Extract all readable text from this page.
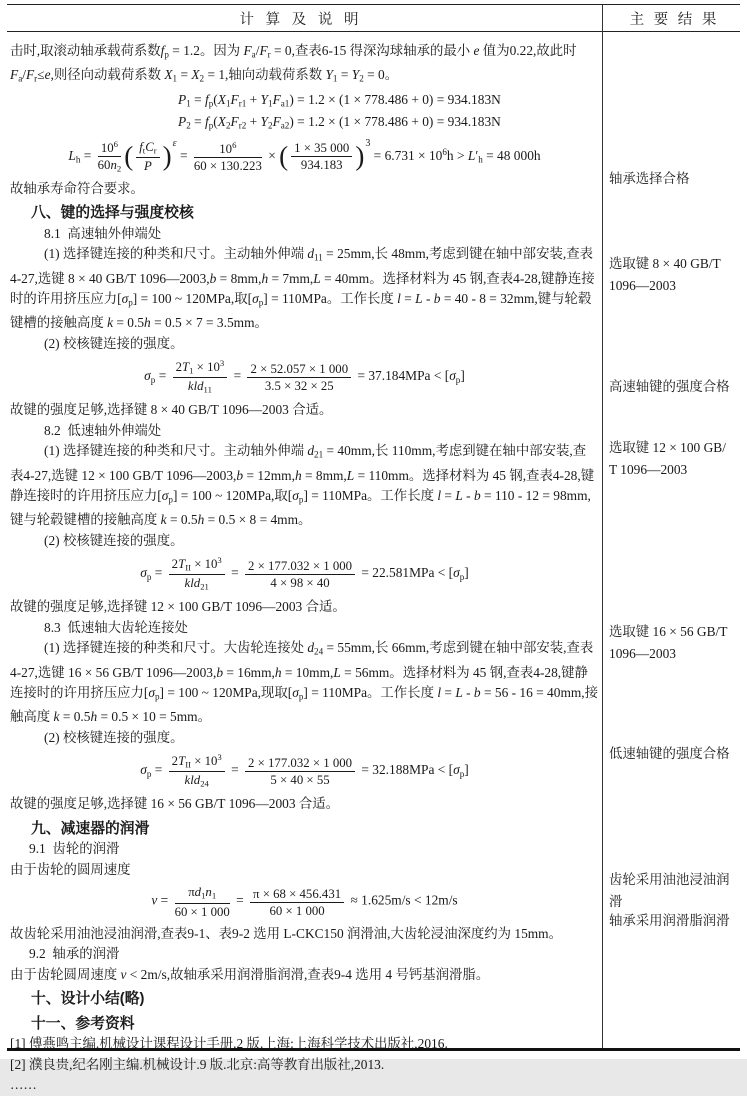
计 算 及 说 明	主 要 结 果

击时,取滚动轴承载荷系数$f_p = 1.2$。因为 $F_a/F_r = 0$,查表6-15 得深沟球轴承的最小 e 值为0.22,故此时 $F_a/F_r\le e$,则径向动载荷系数 $X_1 = X_2 = 1$,轴向动载荷系数 $Y_1 = Y_2 = 0$。

$P_1 = f_p(X_1F_{r1} + Y_1F_{a1}) = 1.2 \times (1 \times 778.486 + 0) = 934.183N$
$P_2 = f_p(X_2F_{r2} + Y_2F_{a2}) = 1.2 \times (1 \times 778.486 + 0) = 934.183N$
$L_h = \frac{10^6}{60n_2}$ ( $\frac{f_tC_r}{P} )\varepsilon = \frac{10^6}{60 \times 130.223}$ × ( $\frac{1 \times 35 000}{934.183} )3 = 6.731 \times 10^6h > L'_h = 48$ 000h

故轴承寿命符合要求。

八、键的选择与强度校核
8.1  高速轴外伸端处

(1) 选择键连接的种类和尺寸。主动轴外伸端 $d_{11} = 25mm$,长 48mm,考虑到键在轴中部安装,查表4-27,选键 8 × 40 GB/T 1096—2003,b = 8mm,h = 7mm,L = 40mm。选择材料为 45 钢,查表4-28,键静连接时的许用挤压应力$[\sigma_p] = 100$ ~ 120MPa,取$[\sigma_p] = 110MPa$。工作长度 l = L - b = 40 - 8 = 32mm,键与轮毂键槽的接触高度 k = 0.5h = 0.5 × 7 = 3.5mm。

(2) 校核键连接的强度。

$\sigma_p = \frac{2T_1 \times 10^3}{kld_{11}} = \frac{2 \times 52.057 \times 1 000}{3.5 \times 32 \times 25} = 37.184MPa < [\sigma_p]$

故键的强度足够,选择键 8 × 40 GB/T 1096—2003 合适。

8.2  低速轴外伸端处

(1) 选择键连接的种类和尺寸。主动轴外伸端 $d_{21} = 40mm$,长 110mm,考虑到键在轴中部安装,查表4-27,选键 12 × 100 GB/T 1096—2003,b = 12mm,h = 8mm,L = 110mm。选择材料为 45 钢,查表4-28,键静连接时的许用挤压应力$[\sigma_p] = 100$ ~ 120MPa,取$[\sigma_p] = 110MPa$。工作长度 l = L - b = 110 - 12 = 98mm,键与轮毂键槽的接触高度 k = 0.5h = 0.5 × 8 = 4mm。

(2) 校核键连接的强度。

$\sigma_p = \frac{2T_{II} \times 10^3}{kld_{21}} = \frac{2 \times 177.032 \times 1 000}{4 \times 98 \times 40} = 22.581MPa < [\sigma_p]$

故键的强度足够,选择键 12 × 100 GB/T 1096—2003 合适。

8.3  低速轴大齿轮连接处

(1) 选择键连接的种类和尺寸。大齿轮连接处 $d_{24} = 55mm$,长 66mm,考虑到键在轴中部安装,查表4-27,选键 16 × 56 GB/T 1096—2003,b = 16mm,h = 10mm,L = 56mm。选择材料为 45 钢,查表4-28,键静连接时的许用挤压应力$[\sigma_p] = 100$ ~ 120MPa,现取$[\sigma_p] = 110MPa$。工作长度 l = L - b = 56 - 16 = 40mm,接触高度 k = 0.5h = 0.5 × 10 = 5mm。

(2) 校核键连接的强度。

$\sigma_p = \frac{2T_{II} \times 10^3}{kld_{24}} = \frac{2 \times 177.032 \times 1 000}{5 \times 40 \times 55} = 32.188MPa < [\sigma_p]$

故键的强度足够,选择键 16 × 56 GB/T 1096—2003 合适。

九、减速器的润滑
9.1  齿轮的润滑

由于齿轮的圆周速度

$v = \frac{\pi d_1n_1}{60 \times 1 000} = \frac{\pi \times 68 \times 456.431}{60 \times 1 000} \approx 1.625m/s < 12m/s$

故齿轮采用油池浸油润滑,查表9-1、表9-2 选用 L-CKC150 润滑油,大齿轮浸油深度约为 15mm。

9.2  轴承的润滑

由于齿轮圆周速度 v < 2m/s,故轴承采用润滑脂润滑,查表9-4 选用 4 号钙基润滑脂。

十、设计小结(略)
十一、参考资料

[1] 傅燕鸣主编.机械设计课程设计手册.2 版.上海:上海科学技术出版社,2016.

[2] 濮良贵,纪名刚主编.机械设计.9 版.北京:高等教育出版社,2013.

……

轴承选择合格
选取键 8 × 40 GB/T
1096—2003
高速轴键的强度合格
选取键 12 × 100 GB/
T 1096—2003
选取键 16 × 56 GB/T
1096—2003
低速轴键的强度合格
齿轮采用油池浸油润滑
轴承采用润滑脂润滑
